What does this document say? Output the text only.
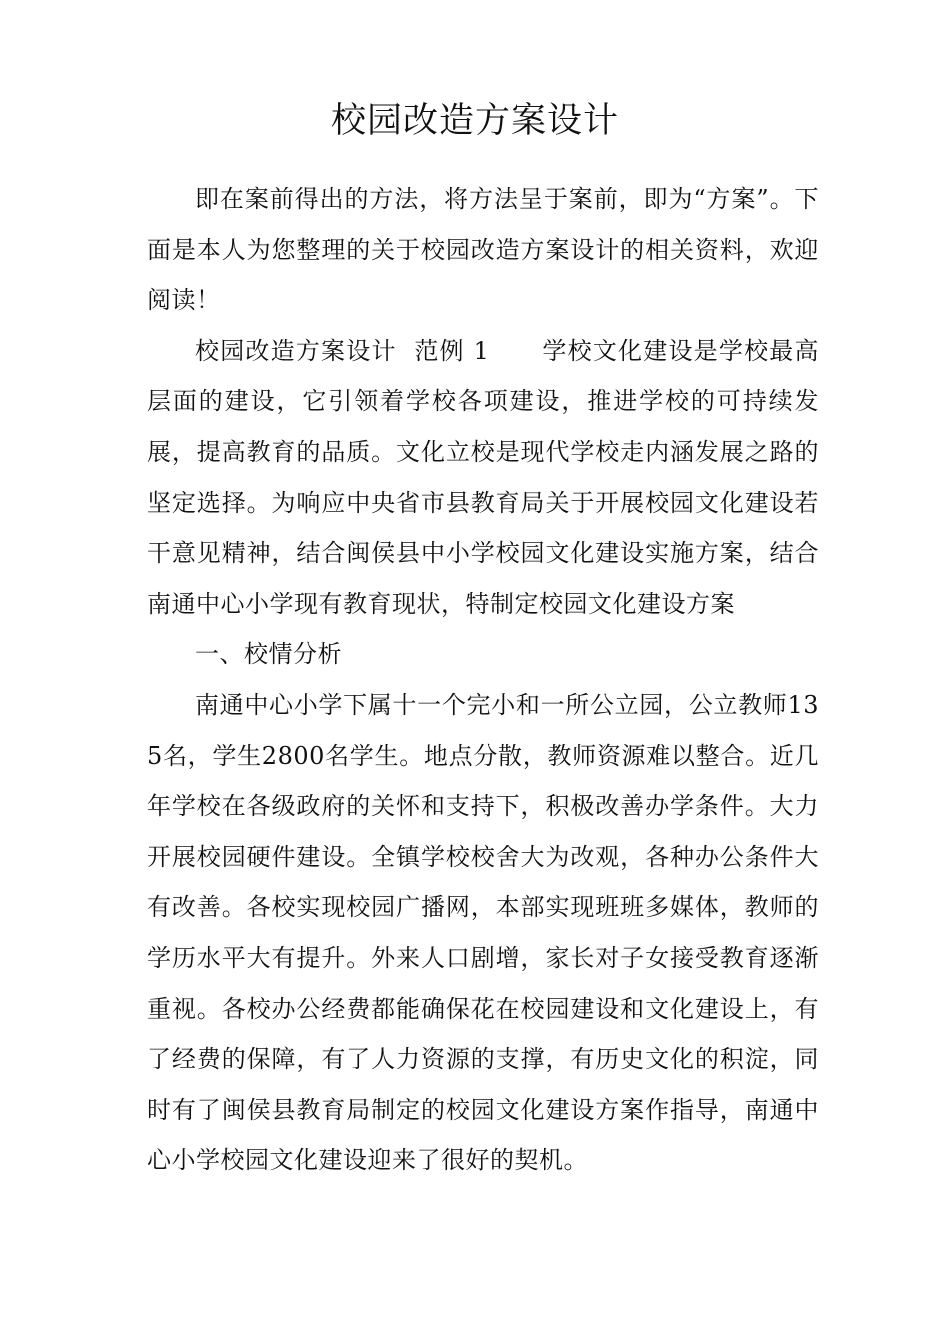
校园改造方案设计

即在案前得出的方法，将方法呈于案前，即为“方案”。下面是本人为您整理的关于校园改造方案设计的相关资料，欢迎阅读！

校园改造方案设计  范例 1 学校文化建设是学校最高层面的建设，它引领着学校各项建设，推进学校的可持续发展，提高教育的品质。文化立校是现代学校走内涵发展之路的坚定选择。为响应中央省市县教育局关于开展校园文化建设若干意见精神，结合闽侯县中小学校园文化建设实施方案，结合南通中心小学现有教育现状，特制定校园文化建设方案

一、校情分析

南通中心小学下属十一个完小和一所公立园，公立教师135名，学生2800名学生。地点分散，教师资源难以整合。近几年学校在各级政府的关怀和支持下，积极改善办学条件。大力开展校园硬件建设。全镇学校校舍大为改观，各种办公条件大有改善。各校实现校园广播网，本部实现班班多媒体，教师的学历水平大有提升。外来人口剧增，家长对子女接受教育逐渐重视。各校办公经费都能确保花在校园建设和文化建设上，有了经费的保障，有了人力资源的支撑，有历史文化的积淀，同时有了闽侯县教育局制定的校园文化建设方案作指导，南通中心小学校园文化建设迎来了很好的契机。
